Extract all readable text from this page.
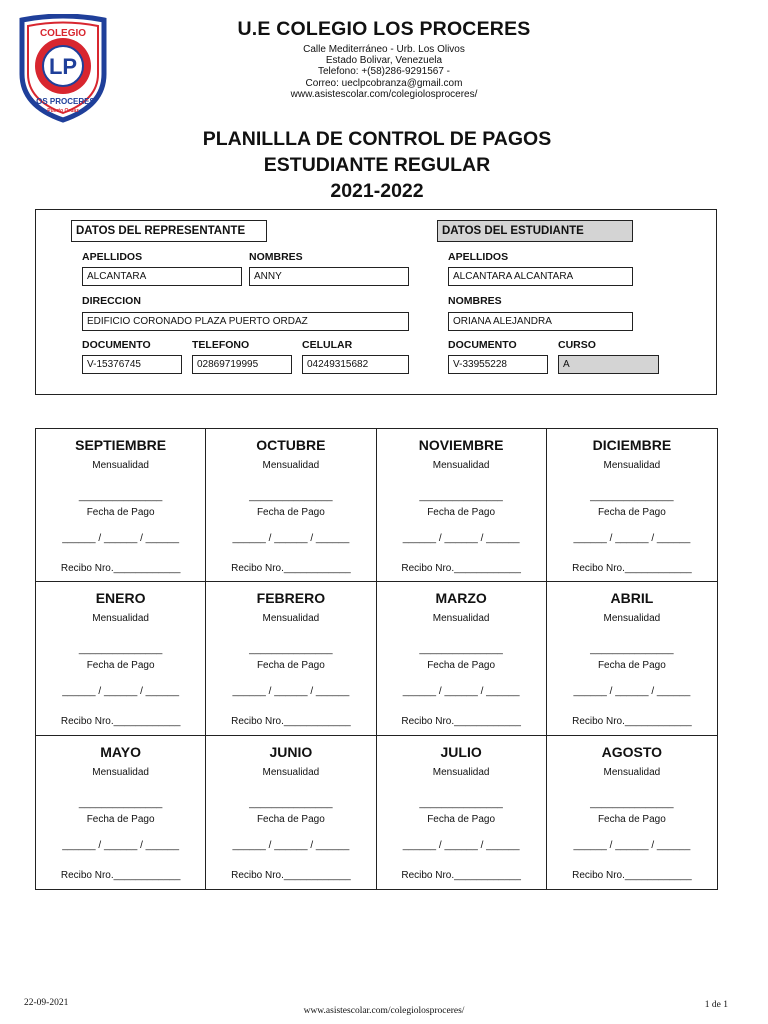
LP
COLEGIO
"LOS PROCERES"
Puerto Ordaz
U.E COLEGIO LOS PROCERES
Calle Mediterráneo - Urb. Los Olivos
Estado Bolivar, Venezuela
Telefono: +(58)286-9291567 -
Correo: ueclpcobranza@gmail.com
www.asistescolar.com/colegiolosproceres/
PLANILLLA DE CONTROL DE PAGOS
ESTUDIANTE REGULAR
2021-2022
DATOS DEL REPRESENTANTE
APELLIDOS
ALCANTARA
NOMBRES
ANNY
DIRECCION
EDIFICIO CORONADO PLAZA PUERTO ORDAZ
DOCUMENTO
V-15376745
TELEFONO
02869719995
CELULAR
04249315682
DATOS DEL ESTUDIANTE
APELLIDOS
ALCANTARA ALCANTARA
NOMBRES
ORIANA ALEJANDRA
DOCUMENTO
V-33955228
CURSO
A
SEPTIEMBRE
Mensualidad
_______________
Fecha de Pago
______ / ______ / ______
Recibo Nro.____________
OCTUBRE
Mensualidad
_______________
Fecha de Pago
______ / ______ / ______
Recibo Nro.____________
NOVIEMBRE
Mensualidad
_______________
Fecha de Pago
______ / ______ / ______
Recibo Nro.____________
DICIEMBRE
Mensualidad
_______________
Fecha de Pago
______ / ______ / ______
Recibo Nro.____________
ENERO
Mensualidad
_______________
Fecha de Pago
______ / ______ / ______
Recibo Nro.____________
FEBRERO
Mensualidad
_______________
Fecha de Pago
______ / ______ / ______
Recibo Nro.____________
MARZO
Mensualidad
_______________
Fecha de Pago
______ / ______ / ______
Recibo Nro.____________
ABRIL
Mensualidad
_______________
Fecha de Pago
______ / ______ / ______
Recibo Nro.____________
MAYO
Mensualidad
_______________
Fecha de Pago
______ / ______ / ______
Recibo Nro.____________
JUNIO
Mensualidad
_______________
Fecha de Pago
______ / ______ / ______
Recibo Nro.____________
JULIO
Mensualidad
_______________
Fecha de Pago
______ / ______ / ______
Recibo Nro.____________
AGOSTO
Mensualidad
_______________
Fecha de Pago
______ / ______ / ______
Recibo Nro.____________
22-09-2021
www.asistescolar.com/colegiolosproceres/
1 de 1
